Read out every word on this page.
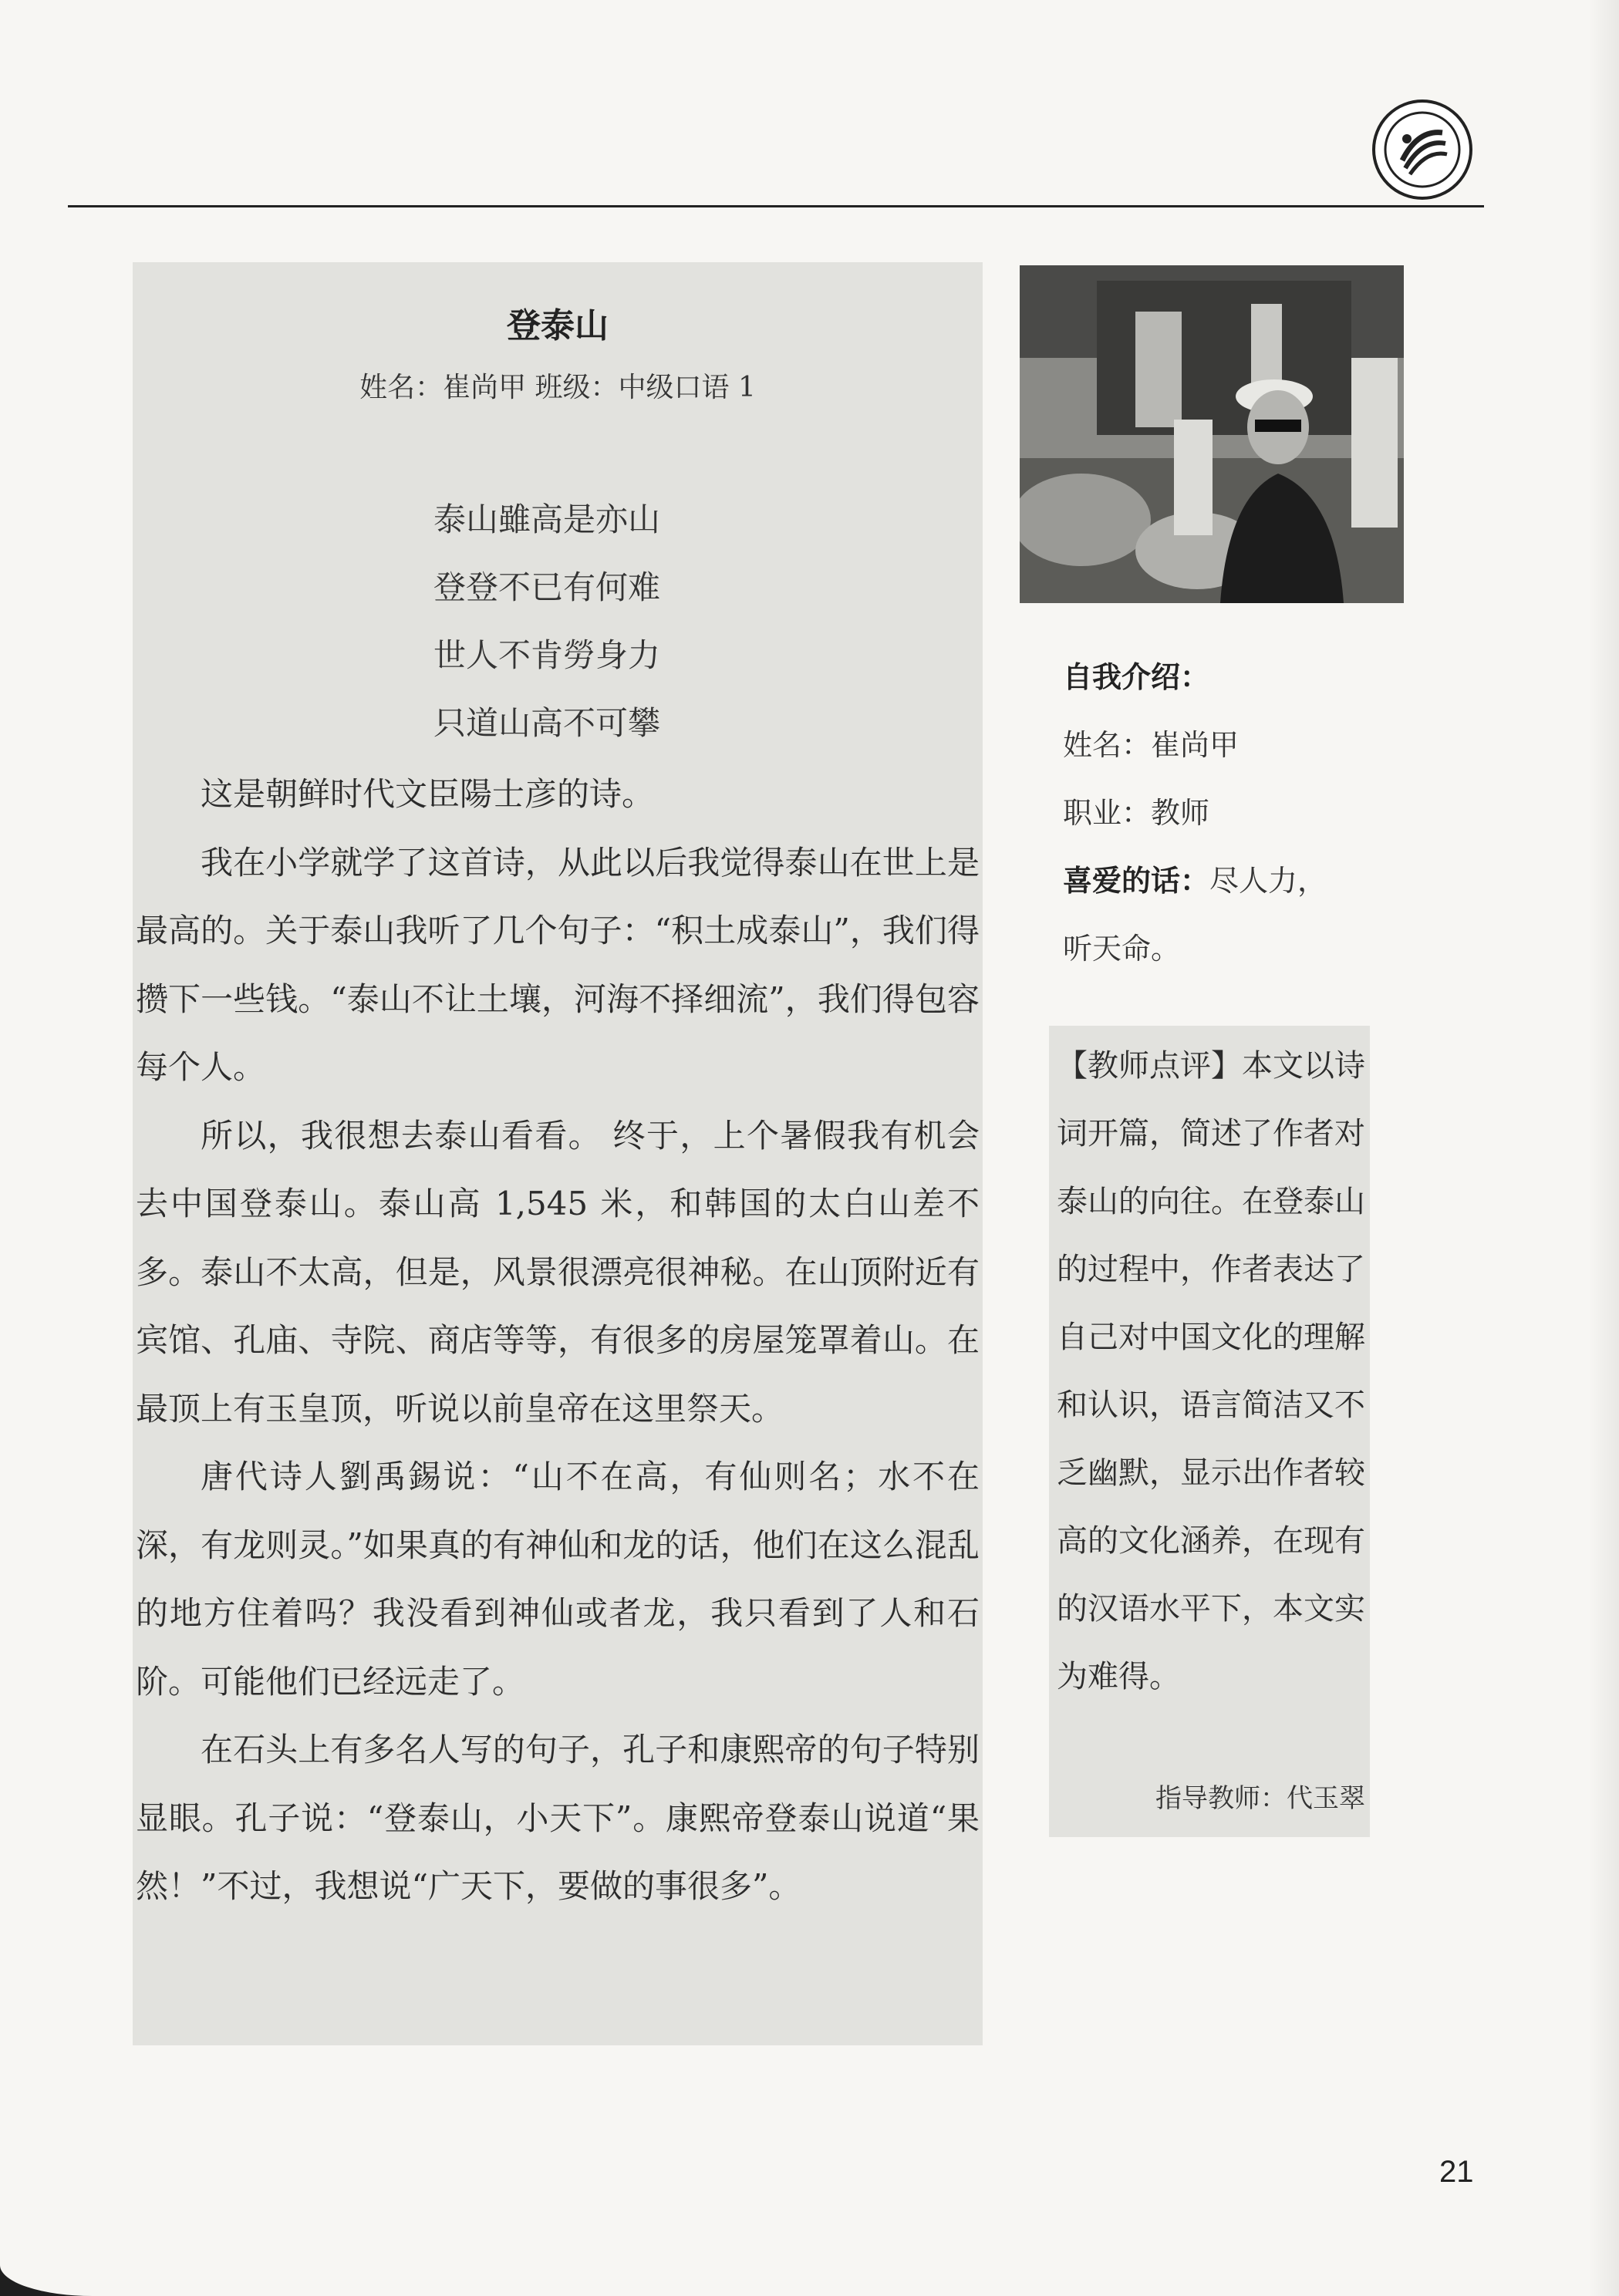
登泰山
姓名：崔尚甲 班级：中级口语 1
泰山雖高是亦山
登登不已有何难
世人不肯勞身力
只道山高不可攀

这是朝鲜时代文臣陽士彦的诗。

我在小学就学了这首诗，从此以后我觉得泰山在世上是最高的。关于泰山我听了几个句子：“积土成泰山”，我们得攒下一些钱。“泰山不让土壤，河海不择细流”，我们得包容每个人。

所以，我很想去泰山看看。 终于，上个暑假我有机会去中国登泰山。泰山高 1,545 米，和韩国的太白山差不多。泰山不太高，但是，风景很漂亮很神秘。在山顶附近有宾馆、孔庙、寺院、商店等等，有很多的房屋笼罩着山。在最顶上有玉皇顶，听说以前皇帝在这里祭天。

唐代诗人劉禹錫说：“山不在高，有仙则名；水不在深，有龙则灵。”如果真的有神仙和龙的话，他们在这么混乱的地方住着吗？我没看到神仙或者龙，我只看到了人和石阶。可能他们已经远走了。

在石头上有多名人写的句子，孔子和康熙帝的句子特别显眼。孔子说：“登泰山，小天下”。康熙帝登泰山说道“果然！”不过，我想说“广天下，要做的事很多”。

自我介绍：
姓名：崔尚甲
职业：教师
喜爱的话：尽人力，
听天命。
【教师点评】本文以诗词开篇，简述了作者对泰山的向往。在登泰山的过程中，作者表达了自己对中国文化的理解和认识，语言简洁又不乏幽默，显示出作者较高的文化涵养，在现有的汉语水平下，本文实为难得。
指导教师：代玉翠
21
